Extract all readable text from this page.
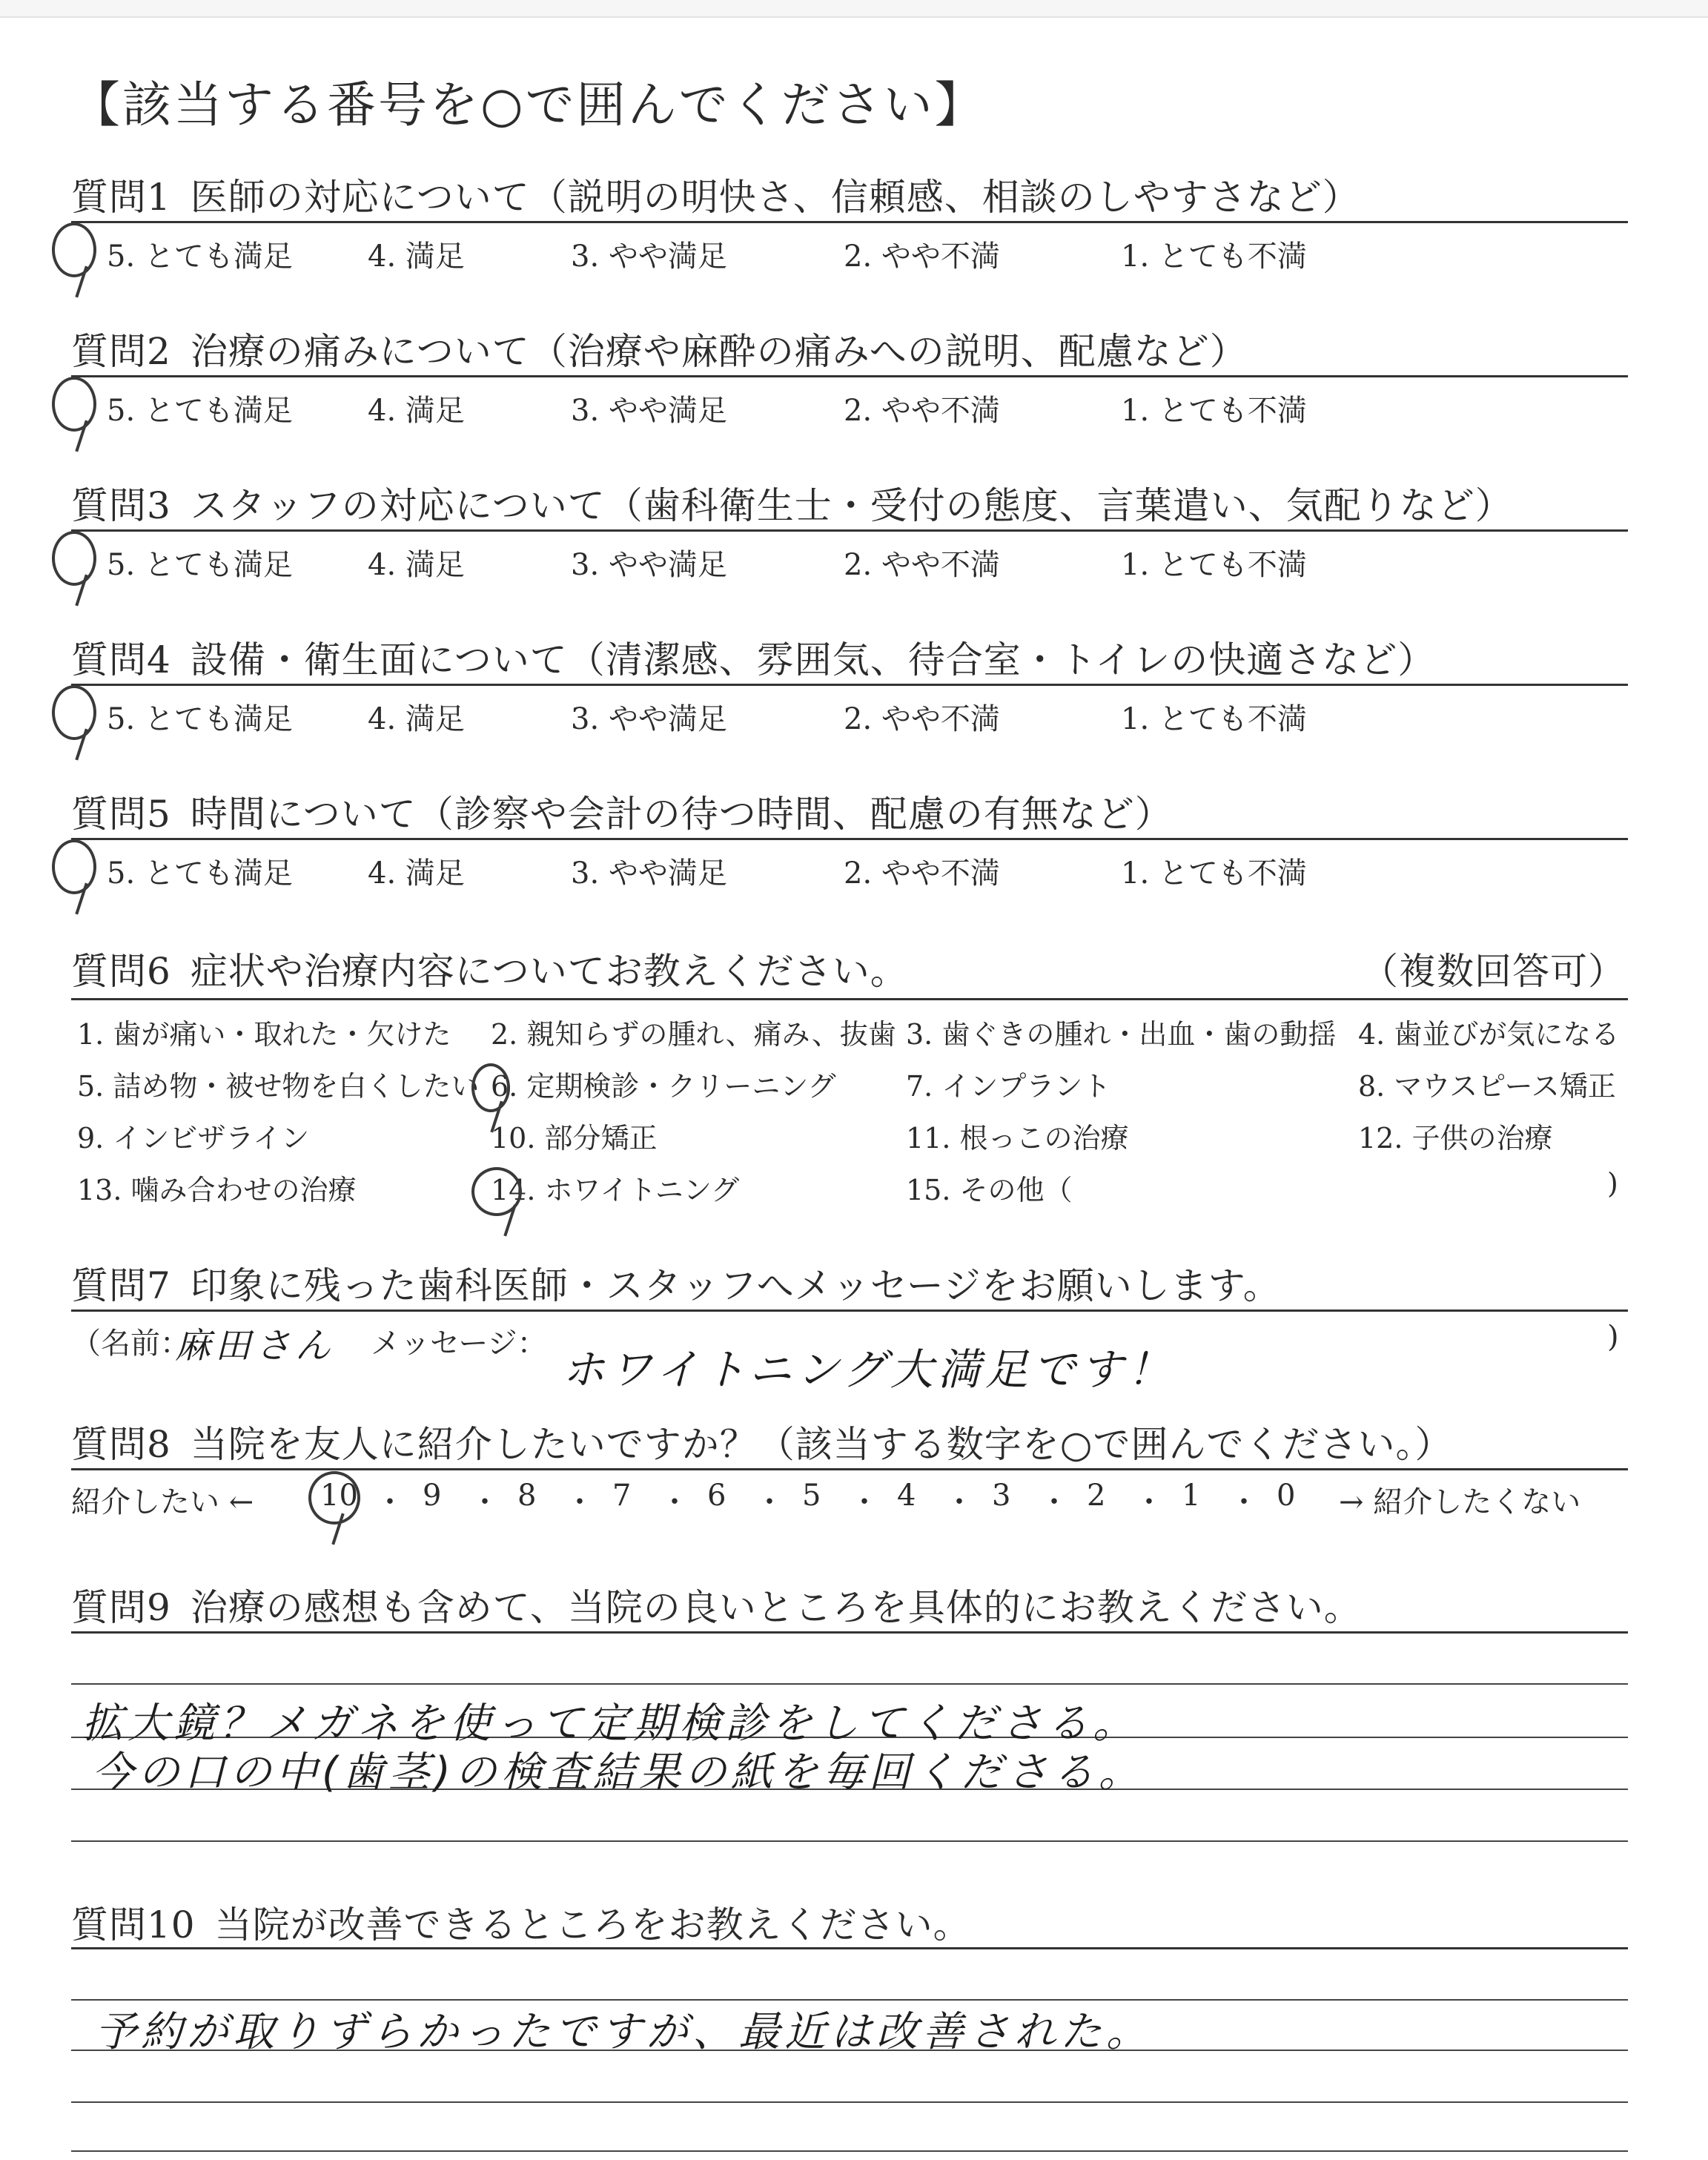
【該当する番号を○で囲んでください】
質問1 医師の対応について（説明の明快さ、信頼感、相談のしやすさなど）
5. とても満足	4. 満足	3. やや満足	2. やや不満	1. とても不満
質問2 治療の痛みについて（治療や麻酔の痛みへの説明、配慮など）
5. とても満足	4. 満足	3. やや満足	2. やや不満	1. とても不満
質問3 スタッフの対応について（歯科衛生士・受付の態度、言葉遣い、気配りなど）
5. とても満足	4. 満足	3. やや満足	2. やや不満	1. とても不満
質問4 設備・衛生面について（清潔感、雰囲気、待合室・トイレの快適さなど）
5. とても満足	4. 満足	3. やや満足	2. やや不満	1. とても不満
質問5 時間について（診察や会計の待つ時間、配慮の有無など）
5. とても満足	4. 満足	3. やや満足	2. やや不満	1. とても不満
質問6 症状や治療内容についてお教えください。	（複数回答可）
1. 歯が痛い・取れた・欠けた 2. 親知らずの腫れ、痛み、抜歯 3. 歯ぐきの腫れ・出血・歯の動揺 4. 歯並びが気になる
5. 詰め物・被せ物を白くしたい 6. 定期検診・クリーニング 7. インプラント	8. マウスピース矯正
9. インビザライン	10. 部分矯正	11. 根っこの治療	12. 子供の治療
13. 噛み合わせの治療	14. ホワイトニング	15. その他（	)
質問7 印象に残った歯科医師・スタッフへメッセージをお願いします。
（名前：
麻田さん メッセージ：
ホワイトニング大満足です！
)
質問8 当院を友人に紹介したいですか？（該当する数字を○で囲んでください。）
紹介したい ← 10 ・ 9 ・ 8 ・ 7 ・ 6 ・ 5 ・ 4 ・ 3 ・ 2 ・ 1 ・ 0 → 紹介したくない
質問9 治療の感想も含めて、当院の良いところを具体的にお教えください。
拡大鏡？メガネを使って定期検診をしてくださる。
今の口の中(歯茎)の検査結果の紙を毎回くださる。
質問10 当院が改善できるところをお教えください。
予約が取りずらかったですが、最近は改善された。
